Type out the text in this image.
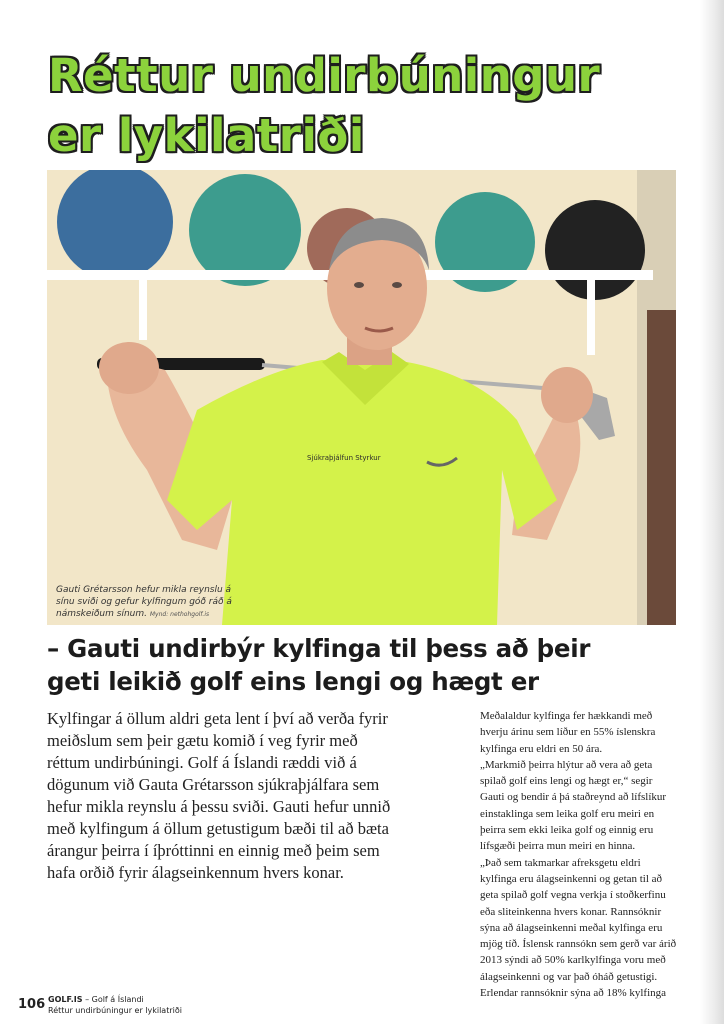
Réttur undirbúningur
er lykilatriði
Sjúkraþjálfun Styrkur
Gauti Grétarsson hefur mikla reynslu á sínu sviði og gefur kylfingum góð ráð á námskeiðum sínum. Mynd: nethohgolf.is
– Gauti undirbýr kylfinga til þess að þeir
geti leikið golf eins lengi og hægt er
Kylfingar á öllum aldri geta lent í því að verða fyrir
meiðslum sem þeir gætu komið í veg fyrir með
réttum undirbúningi. Golf á Íslandi ræddi við á
dögunum við Gauta Grétarsson sjúkraþjálfara sem
hefur mikla reynslu á þessu sviði. Gauti hefur unnið
með kylfingum á öllum getustigum bæði til að bæta
árangur þeirra í íþróttinni en einnig með þeim sem
hafa orðið fyrir álagseinkennum hvers konar.
Meðalaldur kylfinga fer hækkandi með
hverju árinu sem líður en 55% íslenskra
kylfinga eru eldri en 50 ára.
„Markmið þeirra hlýtur að vera að geta
spilað golf eins lengi og hægt er,“ segir
Gauti og bendir á þá staðreynd að lífslíkur
einstaklinga sem leika golf eru meiri en
þeirra sem ekki leika golf og einnig eru
lífsgæði þeirra mun meiri en hinna.
„Það sem takmarkar afreksgetu eldri
kylfinga eru álagseinkenni og getan til að
geta spilað golf vegna verkja í stoðkerfinu
eða sliteinkenna hvers konar. Rannsóknir
sýna að álagseinkenni meðal kylfinga eru
mjög tíð. Íslensk rannsókn sem gerð var árið
2013 sýndi að 50% karlkylfinga voru með
álagseinkenni og var það óháð getustigi.
Erlendar rannsóknir sýna að 18% kylfinga
106 GOLF.IS – Golf á Íslandi
Réttur undirbúningur er lykilatriði
